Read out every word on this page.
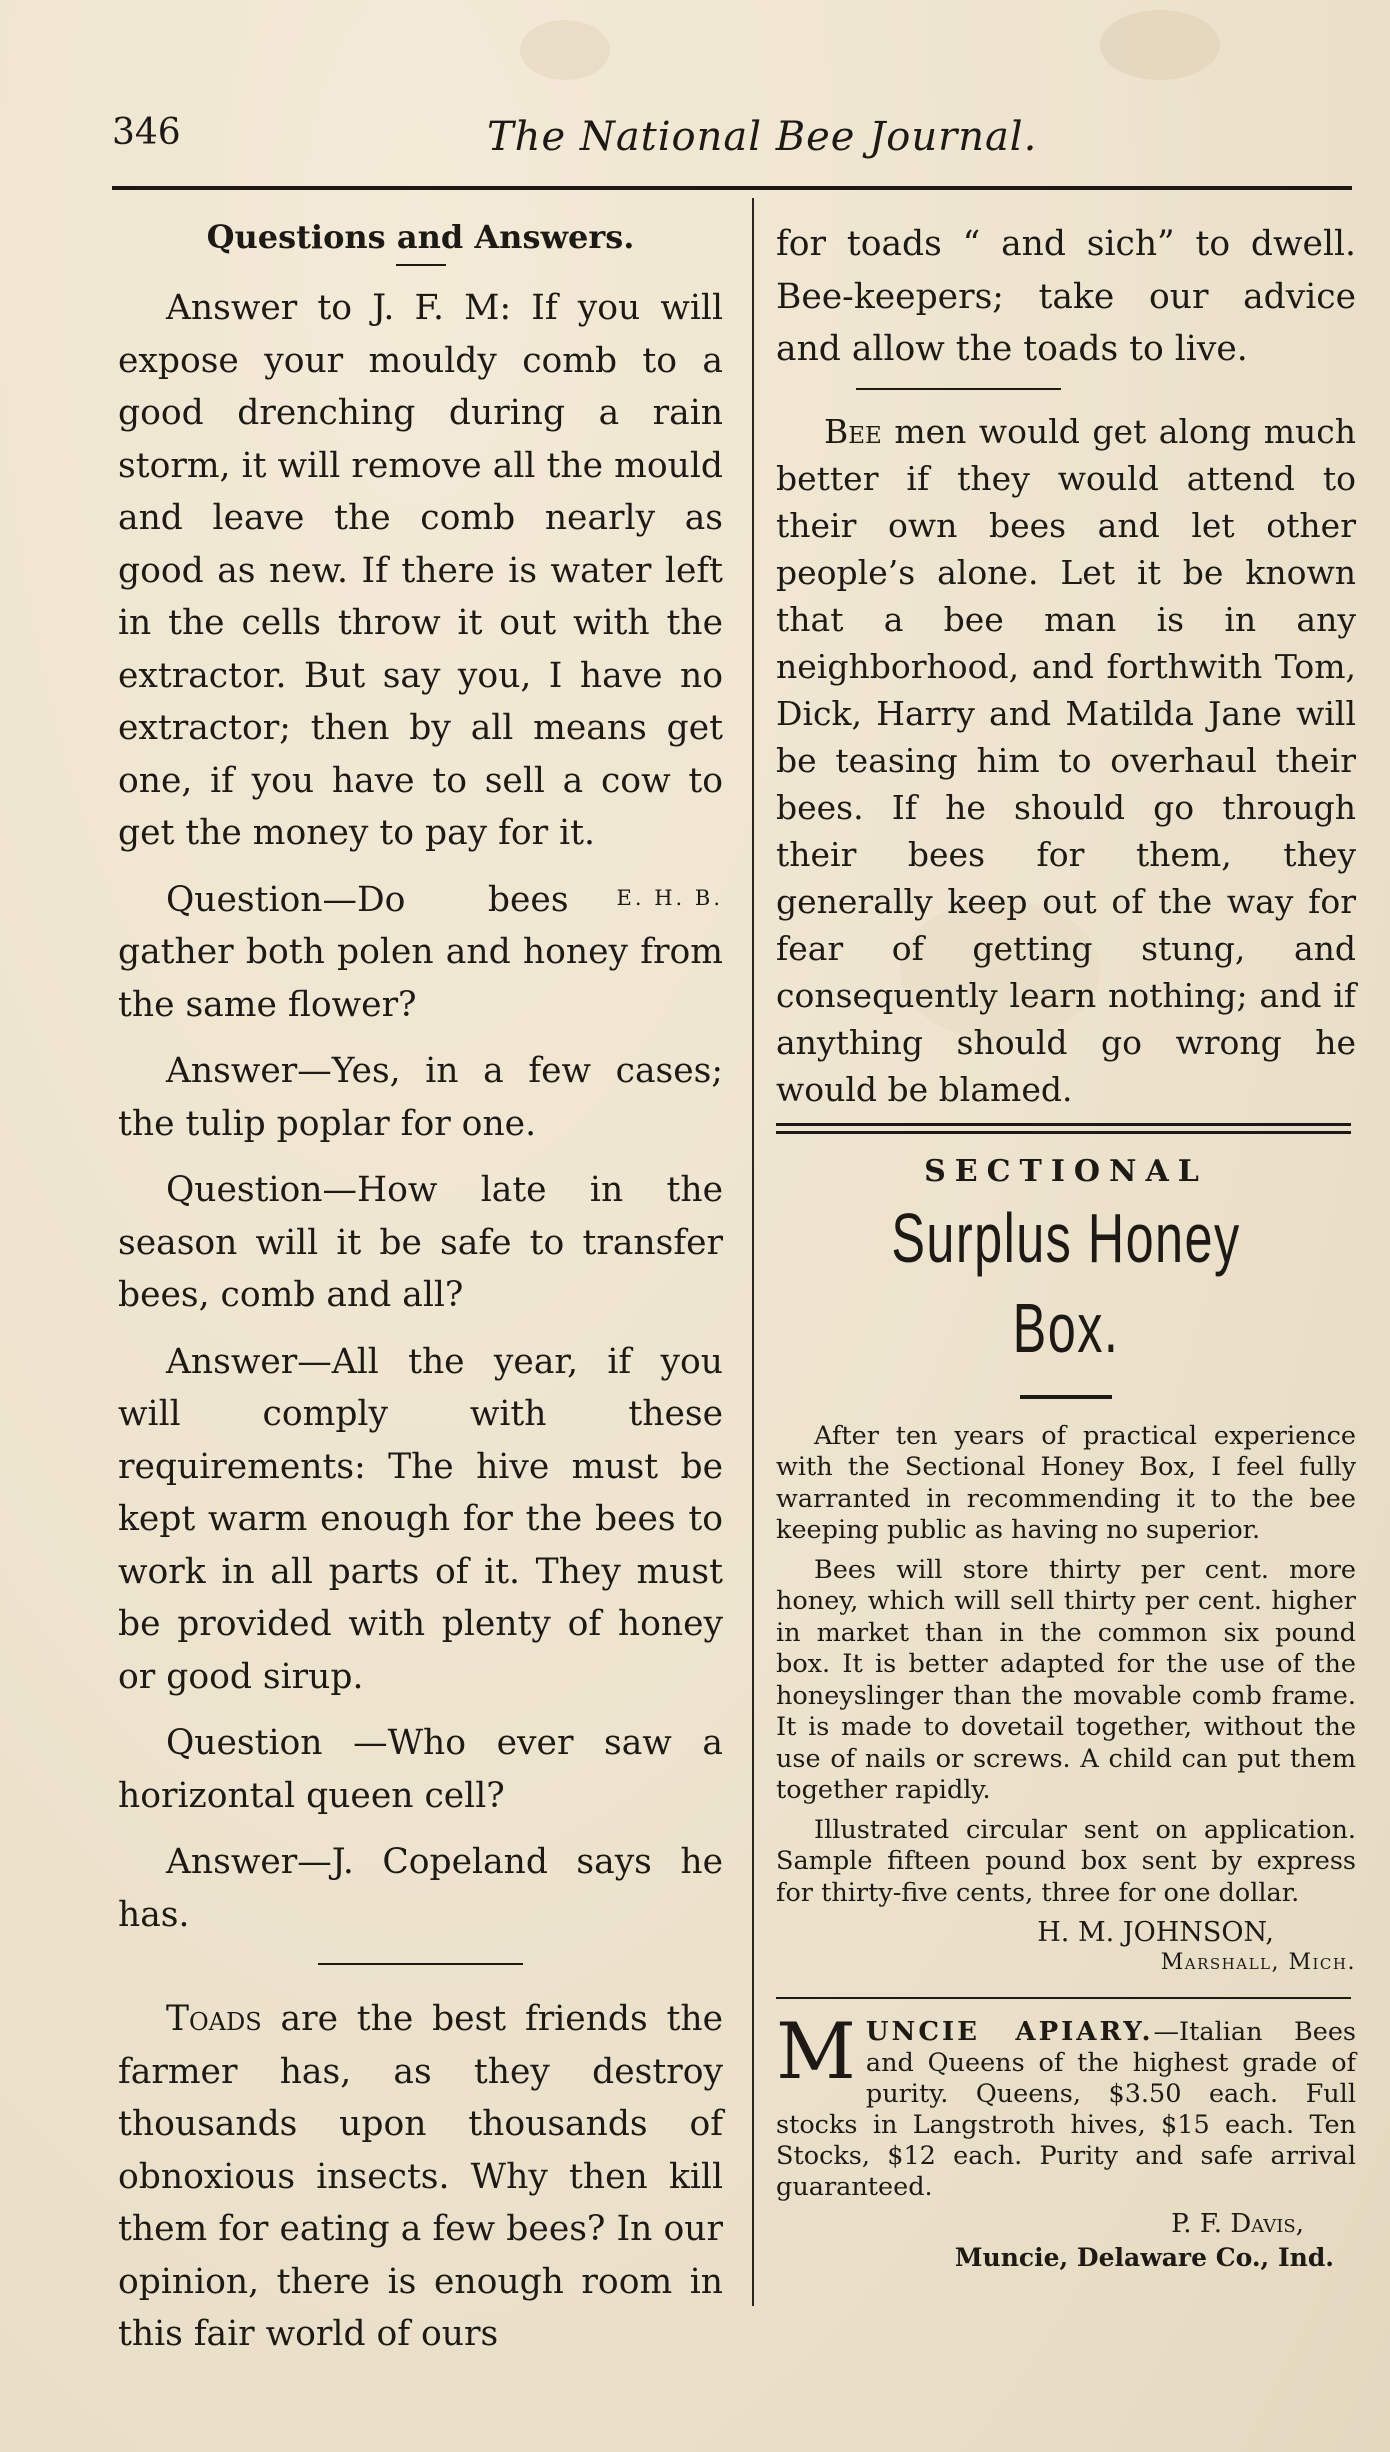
346	The National Bee Journal.
Questions and Answers.

Answer to J. F. M: If you will expose your mouldy comb to a good drenching during a rain storm, it will remove all the mould and leave the comb nearly as good as new. If there is water left in the cells throw it out with the extractor. But say you, I have no extractor; then by all means get one, if you have to sell a cow to get the money to pay for it.
E. H. B.

Question—Do bees gather both polen and honey from the same flower?

Answer—Yes, in a few cases; the tulip poplar for one.

Question—How late in the season will it be safe to transfer bees, comb and all?

Answer—All the year, if you will comply with these requirements: The hive must be kept warm enough for the bees to work in all parts of it. They must be provided with plenty of honey or good sirup.

Question —Who ever saw a horizontal queen cell?

Answer—J. Copeland says he has.

Toads are the best friends the farmer has, as they destroy thousands upon thousands of obnoxious insects. Why then kill them for eating a few bees? In our opinion, there is enough room in this fair world of ours

for toads “ and sich” to dwell. Bee-keepers; take our advice and allow the toads to live.

Bee men would get along much better if they would attend to their own bees and let other people’s alone. Let it be known that a bee man is in any neighborhood, and forthwith Tom, Dick, Harry and Matilda Jane will be teasing him to overhaul their bees. If he should go through their bees for them, they generally keep out of the way for fear of getting stung, and consequently learn nothing; and if anything should go wrong he would be blamed.

SECTIONAL
Surplus Honey Box.

After ten years of practical experience with the Sectional Honey Box, I feel fully warranted in recommending it to the bee keeping public as having no superior.

Bees will store thirty per cent. more honey, which will sell thirty per cent. higher in market than in the common six pound box. It is better adapted for the use of the honeyslinger than the movable comb frame. It is made to dovetail together, without the use of nails or screws. A child can put them together rapidly.

Illustrated circular sent on application. Sample fifteen pound box sent by express for thirty-five cents, three for one dollar.

H. M. JOHNSON,
Marshall, Mich.
MUNCIE APIARY.—Italian Bees and Queens of the highest grade of purity. Queens, $3.50 each. Full stocks in Langstroth hives, $15 each. Ten Stocks, $12 each. Purity and safe arrival guaranteed.
P. F. Davis,
Muncie, Delaware Co., Ind.
